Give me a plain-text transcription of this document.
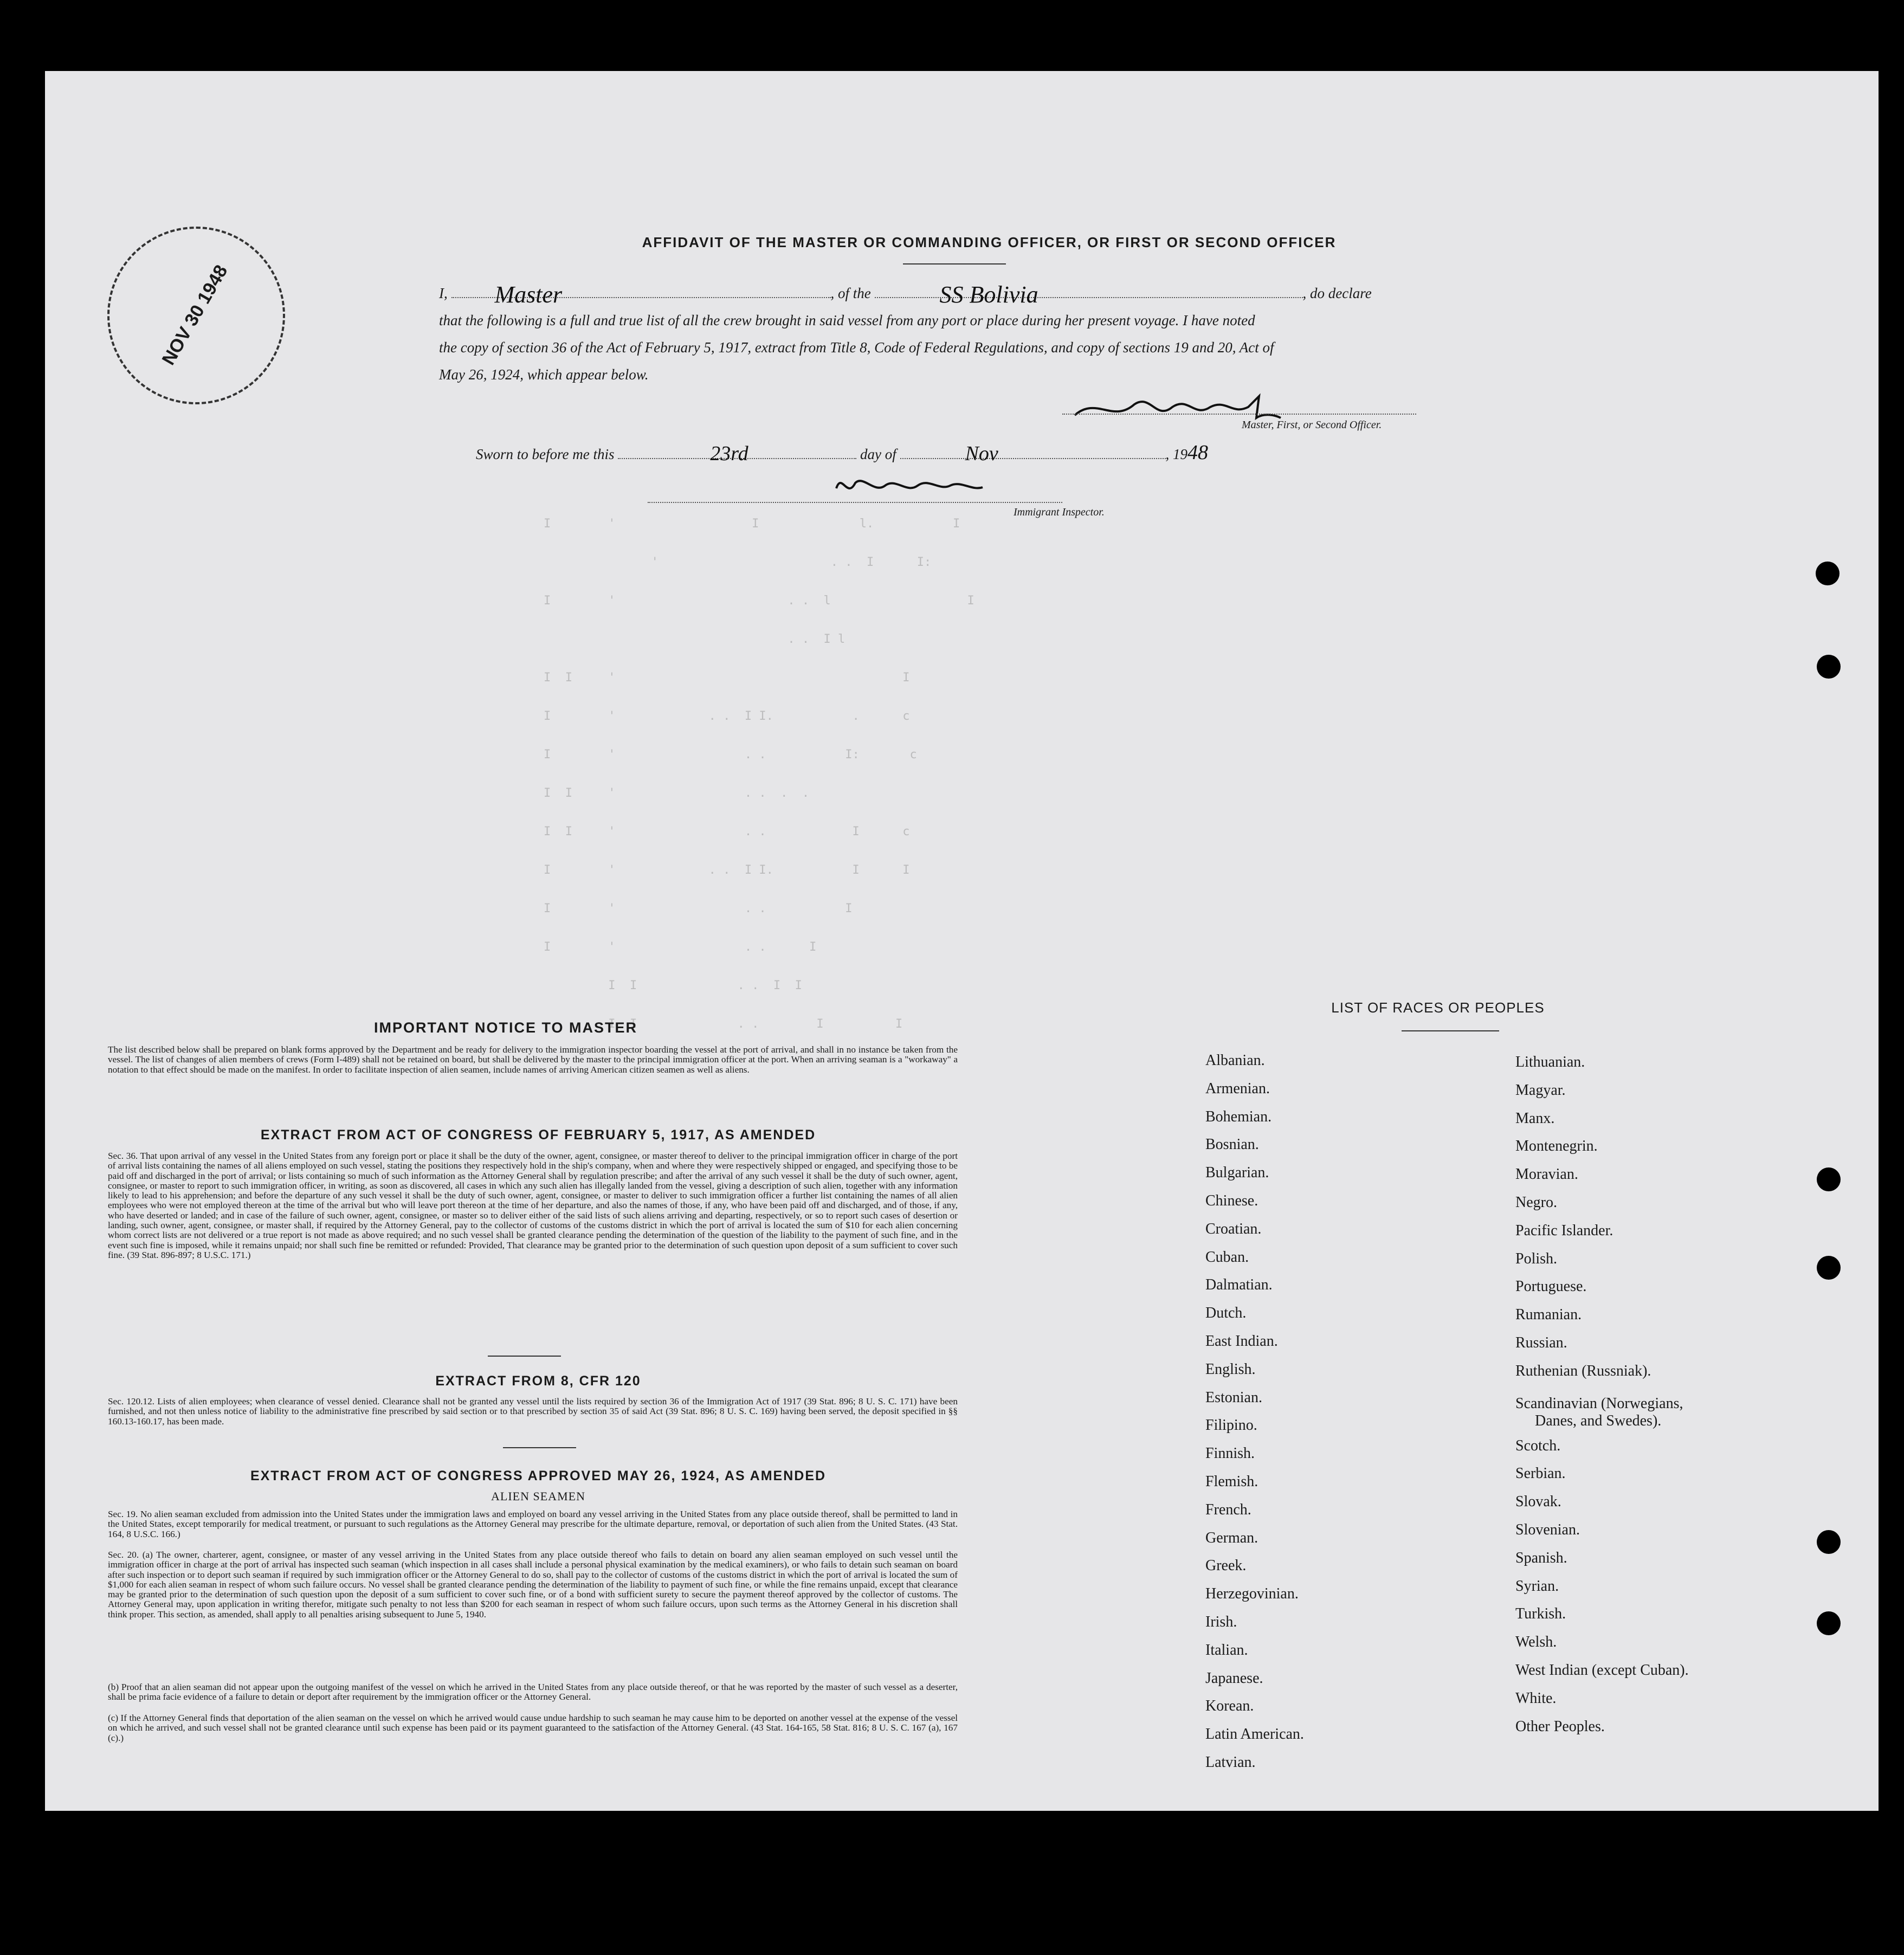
NOV 30 1948
AFFIDAVIT OF THE MASTER OR COMMANDING OFFICER, OR FIRST OR SECOND OFFICER
I, Master	, of the	SS Bolivia	, do declare
that the following is a full and true list of all the crew brought in said vessel from any port or place during her present voyage. I have noted
the copy of section 36 of the Act of February 5, 1917, extract from Title 8, Code of Federal Regulations, and copy of sections 19 and 20, Act of
May 26, 1924, which appear below.
Master, First, or Second Officer.
Sworn to before me this	23rd	day of	Nov	, 1948
Immigrant Inspector.
I        '                   I              l.           I
'                        . .  I      I:
I        '                        . .  l                   I
. .  I l
I  I     '                                        I
I        '             . .  I I.           .      c
I        '                  . .           I:       c
I  I     '                  . .  .  .
I  I     '                  . .            I      c
I        '             . .  I I.           I      I
I        '                  . .           I
I        '                  . .      I
I  I              . .  I  I
I  I              . .        I          I
IMPORTANT NOTICE TO MASTER
The list described below shall be prepared on blank forms approved by the Department and be ready for delivery to the immigration inspector boarding the vessel at the port of arrival, and shall in no instance be taken from the vessel. The list of changes of alien members of crews (Form I-489) shall not be retained on board, but shall be delivered by the master to the principal immigration officer at the port. When an arriving seaman is a "workaway" a notation to that effect should be made on the manifest. In order to facilitate inspection of alien seamen, include names of arriving American citizen seamen as well as aliens.
EXTRACT FROM ACT OF CONGRESS OF FEBRUARY 5, 1917, AS AMENDED
Sec. 36. That upon arrival of any vessel in the United States from any foreign port or place it shall be the duty of the owner, agent, consignee, or master thereof to deliver to the principal immigration officer in charge of the port of arrival lists containing the names of all aliens employed on such vessel, stating the positions they respectively hold in the ship's company, when and where they were respectively shipped or engaged, and specifying those to be paid off and discharged in the port of arrival; or lists containing so much of such information as the Attorney General shall by regulation prescribe; and after the arrival of any such vessel it shall be the duty of such owner, agent, consignee, or master to report to such immigration officer, in writing, as soon as discovered, all cases in which any such alien has illegally landed from the vessel, giving a description of such alien, together with any information likely to lead to his apprehension; and before the departure of any such vessel it shall be the duty of such owner, agent, consignee, or master to deliver to such immigration officer a further list containing the names of all alien employees who were not employed thereon at the time of the arrival but who will leave port thereon at the time of her departure, and also the names of those, if any, who have been paid off and discharged, and of those, if any, who have deserted or landed; and in case of the failure of such owner, agent, consignee, or master so to deliver either of the said lists of such aliens arriving and departing, respectively, or so to report such cases of desertion or landing, such owner, agent, consignee, or master shall, if required by the Attorney General, pay to the collector of customs of the customs district in which the port of arrival is located the sum of $10 for each alien concerning whom correct lists are not delivered or a true report is not made as above required; and no such vessel shall be granted clearance pending the determination of the question of the liability to the payment of such fine, and in the event such fine is imposed, while it remains unpaid; nor shall such fine be remitted or refunded: Provided, That clearance may be granted prior to the determination of such question upon deposit of a sum sufficient to cover such fine. (39 Stat. 896-897; 8 U.S.C. 171.)
EXTRACT FROM 8, CFR 120
Sec. 120.12. Lists of alien employees; when clearance of vessel denied. Clearance shall not be granted any vessel until the lists required by section 36 of the Immigration Act of 1917 (39 Stat. 896; 8 U. S. C. 171) have been furnished, and not then unless notice of liability to the administrative fine prescribed by said section or to that prescribed by section 35 of said Act (39 Stat. 896; 8 U. S. C. 169) having been served, the deposit specified in §§ 160.13-160.17, has been made.
EXTRACT FROM ACT OF CONGRESS APPROVED MAY 26, 1924, AS AMENDED
ALIEN SEAMEN
Sec. 19. No alien seaman excluded from admission into the United States under the immigration laws and employed on board any vessel arriving in the United States from any place outside thereof, shall be permitted to land in the United States, except temporarily for medical treatment, or pursuant to such regulations as the Attorney General may prescribe for the ultimate departure, removal, or deportation of such alien from the United States. (43 Stat. 164, 8 U.S.C. 166.)
Sec. 20. (a) The owner, charterer, agent, consignee, or master of any vessel arriving in the United States from any place outside thereof who fails to detain on board any alien seaman employed on such vessel until the immigration officer in charge at the port of arrival has inspected such seaman (which inspection in all cases shall include a personal physical examination by the medical examiners), or who fails to detain such seaman on board after such inspection or to deport such seaman if required by such immigration officer or the Attorney General to do so, shall pay to the collector of customs of the customs district in which the port of arrival is located the sum of $1,000 for each alien seaman in respect of whom such failure occurs. No vessel shall be granted clearance pending the determination of the liability to payment of such fine, or while the fine remains unpaid, except that clearance may be granted prior to the determination of such question upon the deposit of a sum sufficient to cover such fine, or of a bond with sufficient surety to secure the payment thereof approved by the collector of customs. The Attorney General may, upon application in writing therefor, mitigate such penalty to not less than $200 for each seaman in respect of whom such failure occurs, upon such terms as the Attorney General in his discretion shall think proper. This section, as amended, shall apply to all penalties arising subsequent to June 5, 1940.
(b) Proof that an alien seaman did not appear upon the outgoing manifest of the vessel on which he arrived in the United States from any place outside thereof, or that he was reported by the master of such vessel as a deserter, shall be prima facie evidence of a failure to detain or deport after requirement by the immigration officer or the Attorney General.
(c) If the Attorney General finds that deportation of the alien seaman on the vessel on which he arrived would cause undue hardship to such seaman he may cause him to be deported on another vessel at the expense of the vessel on which he arrived, and such vessel shall not be granted clearance until such expense has been paid or its payment guaranteed to the satisfaction of the Attorney General. (43 Stat. 164-165, 58 Stat. 816; 8 U. S. C. 167 (a), 167 (c).)
LIST OF RACES OR PEOPLES
Albanian.
Armenian.
Bohemian.
Bosnian.
Bulgarian.
Chinese.
Croatian.
Cuban.
Dalmatian.
Dutch.
East Indian.
English.
Estonian.
Filipino.
Finnish.
Flemish.
French.
German.
Greek.
Herzegovinian.
Irish.
Italian.
Japanese.
Korean.
Latin American.
Latvian.
Lithuanian.
Magyar.
Manx.
Montenegrin.
Moravian.
Negro.
Pacific Islander.
Polish.
Portuguese.
Rumanian.
Russian.
Ruthenian (Russniak).
Scandinavian (Norwegians,
Danes, and Swedes).
Scotch.
Serbian.
Slovak.
Slovenian.
Spanish.
Syrian.
Turkish.
Welsh.
West Indian (except Cuban).
White.
Other Peoples.
